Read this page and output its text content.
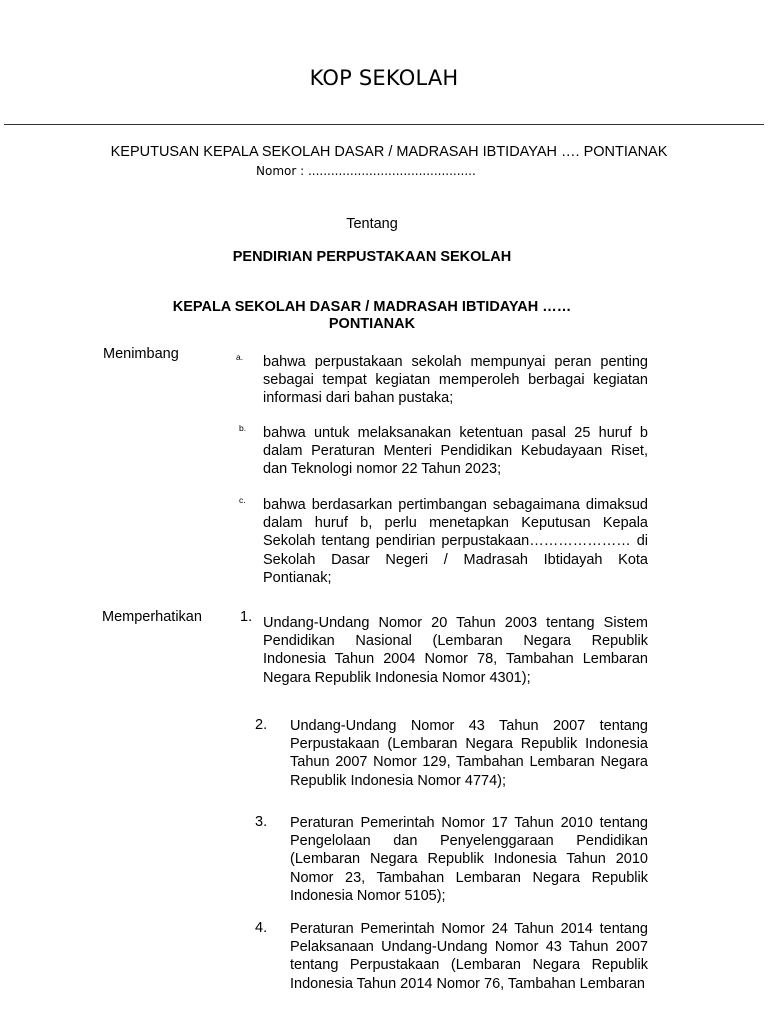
KOP SEKOLAH
KEPUTUSAN KEPALA SEKOLAH DASAR / MADRASAH IBTIDAYAH …. PONTIANAK
Nomor : ............................................
Tentang
PENDIRIAN PERPUSTAKAAN SEKOLAH
KEPALA SEKOLAH DASAR / MADRASAH IBTIDAYAH ……
PONTIANAK
Menimbang	a. bahwa perpustakaan sekolah mempunyai peran penting sebagai tempat kegiatan memperoleh berbagai kegiatan informasi dari bahan pustaka;
b. bahwa untuk melaksanakan ketentuan pasal 25 huruf b dalam Peraturan Menteri Pendidikan Kebudayaan Riset, dan Teknologi nomor 22 Tahun 2023;
c. bahwa berdasarkan pertimbangan sebagaimana dimaksud dalam huruf b, perlu menetapkan Keputusan Kepala Sekolah tentang pendirian perpustakaan………………… di Sekolah Dasar Negeri / Madrasah Ibtidayah Kota Pontianak;
Memperhatikan	1. Undang-Undang Nomor 20 Tahun 2003 tentang Sistem Pendidikan Nasional (Lembaran Negara Republik Indonesia Tahun 2004 Nomor 78, Tambahan Lembaran Negara Republik Indonesia Nomor 4301);
2. Undang-Undang Nomor 43 Tahun 2007 tentang Perpustakaan (Lembaran Negara Republik Indonesia Tahun 2007 Nomor 129, Tambahan Lembaran Negara Republik Indonesia Nomor 4774);
3. Peraturan Pemerintah Nomor 17 Tahun 2010 tentang Pengelolaan dan Penyelenggaraan Pendidikan (Lembaran Negara Republik Indonesia Tahun 2010 Nomor 23, Tambahan Lembaran Negara Republik Indonesia Nomor 5105);
4. Peraturan Pemerintah Nomor 24 Tahun 2014 tentang Pelaksanaan Undang-Undang Nomor 43 Tahun 2007 tentang Perpustakaan (Lembaran Negara Republik Indonesia Tahun 2014 Nomor 76, Tambahan Lembaran
